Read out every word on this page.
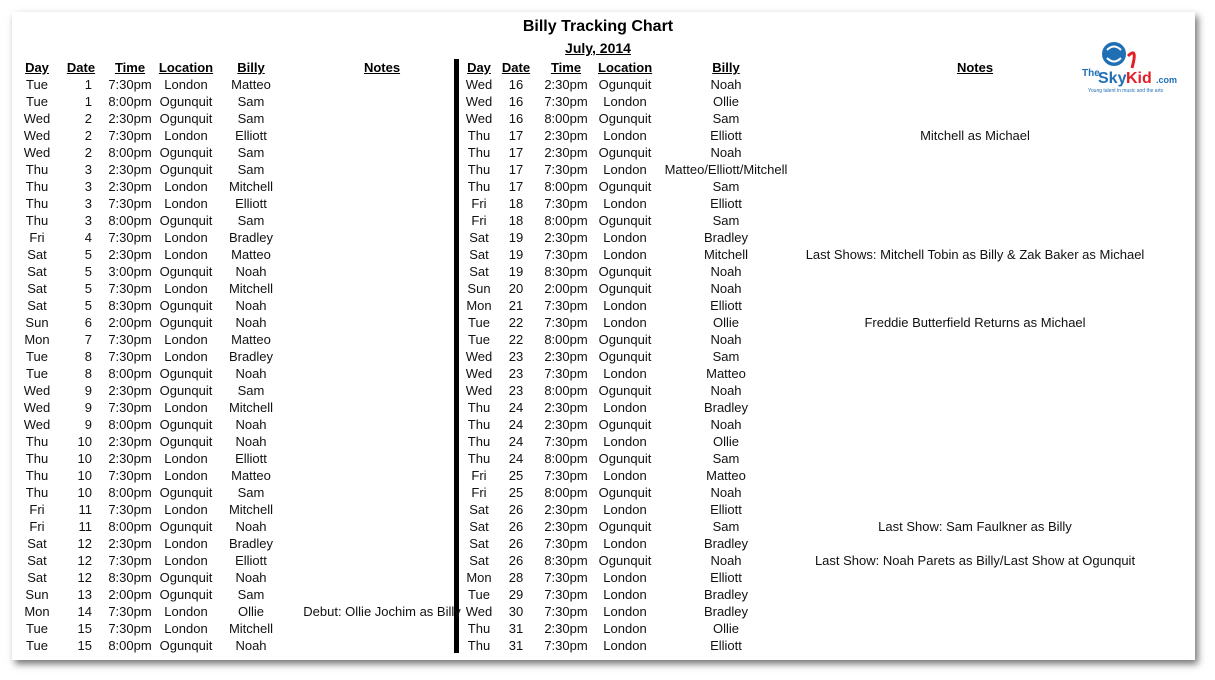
Billy Tracking Chart
July, 2014
Day	Date	Time	Location	Billy	Notes	Day Date	Time	Location	Billy	Notes
Tue	1	7:30pm London	Matteo
Tue	1	8:00pm Ogunquit	Sam
Wed	2	2:30pm Ogunquit	Sam
Wed	2	7:30pm London	Elliott
Wed	2	8:00pm Ogunquit	Sam
Thu	3	2:30pm Ogunquit	Sam
Thu	3	2:30pm London	Mitchell
Thu	3	7:30pm London	Elliott
Thu	3	8:00pm Ogunquit	Sam
Fri	4	7:30pm London	Bradley
Sat	5	2:30pm London	Matteo
Sat	5	3:00pm Ogunquit	Noah
Sat	5	7:30pm London	Mitchell
Sat	5	8:30pm Ogunquit	Noah
Sun	6	2:00pm Ogunquit	Noah
Mon	7	7:30pm London	Matteo
Tue	8	7:30pm London	Bradley
Tue	8	8:00pm Ogunquit	Noah
Wed	9	2:30pm Ogunquit	Sam
Wed	9	7:30pm London	Mitchell
Wed	9	8:00pm Ogunquit	Noah
Thu	10	2:30pm Ogunquit	Noah
Thu	10	2:30pm London	Elliott
Thu	10	7:30pm London	Matteo
Thu	10	8:00pm Ogunquit	Sam
Fri	11	7:30pm London	Mitchell
Fri	11	8:00pm Ogunquit	Noah
Sat	12	2:30pm London	Bradley
Sat	12	7:30pm London	Elliott
Sat	12	8:30pm Ogunquit	Noah
Sun	13	2:00pm Ogunquit	Sam
Mon	14	7:30pm London	Ollie	Debut: Ollie Jochim as Billy
Tue	15	7:30pm London	Mitchell
Tue	15	8:00pm Ogunquit	Noah
Wed	16	2:30pm Ogunquit	Noah
Wed	16	7:30pm	London	Ollie
Wed	16	8:00pm Ogunquit	Sam
Thu	17	2:30pm	London	Elliott	Mitchell as Michael
Thu	17	2:30pm Ogunquit	Noah
Thu	17	7:30pm	London	Matteo/Elliott/Mitchell
Thu	17	8:00pm Ogunquit	Sam
Fri	18	7:30pm	London	Elliott
Fri	18	8:00pm Ogunquit	Sam
Sat	19	2:30pm	London	Bradley
Sat	19	7:30pm	London	Mitchell	Last Shows: Mitchell Tobin as Billy & Zak Baker as Michael
Sat	19	8:30pm Ogunquit	Noah
Sun	20	2:00pm Ogunquit	Noah
Mon	21	7:30pm	London	Elliott
Tue	22	7:30pm	London	Ollie	Freddie Butterfield Returns as Michael
Tue	22	8:00pm Ogunquit	Noah
Wed	23	2:30pm Ogunquit	Sam
Wed	23	7:30pm	London	Matteo
Wed	23	8:00pm Ogunquit	Noah
Thu	24	2:30pm	London	Bradley
Thu	24	2:30pm Ogunquit	Noah
Thu	24	7:30pm	London	Ollie
Thu	24	8:00pm Ogunquit	Sam
Fri	25	7:30pm	London	Matteo
Fri	25	8:00pm Ogunquit	Noah
Sat	26	2:30pm	London	Elliott
Sat	26	2:30pm Ogunquit	Sam	Last Show: Sam Faulkner as Billy
Sat	26	7:30pm	London	Bradley
Sat	26	8:30pm Ogunquit	Noah	Last Show: Noah Parets as Billy/Last Show at Ogunquit
Mon	28	7:30pm	London	Elliott
Tue	29	7:30pm	London	Bradley
Wed	30	7:30pm	London	Bradley
Thu	31	2:30pm	London	Ollie
Thu	31	7:30pm	London	Elliott
The
Sky Kid .com
Young talent in music and the arts
